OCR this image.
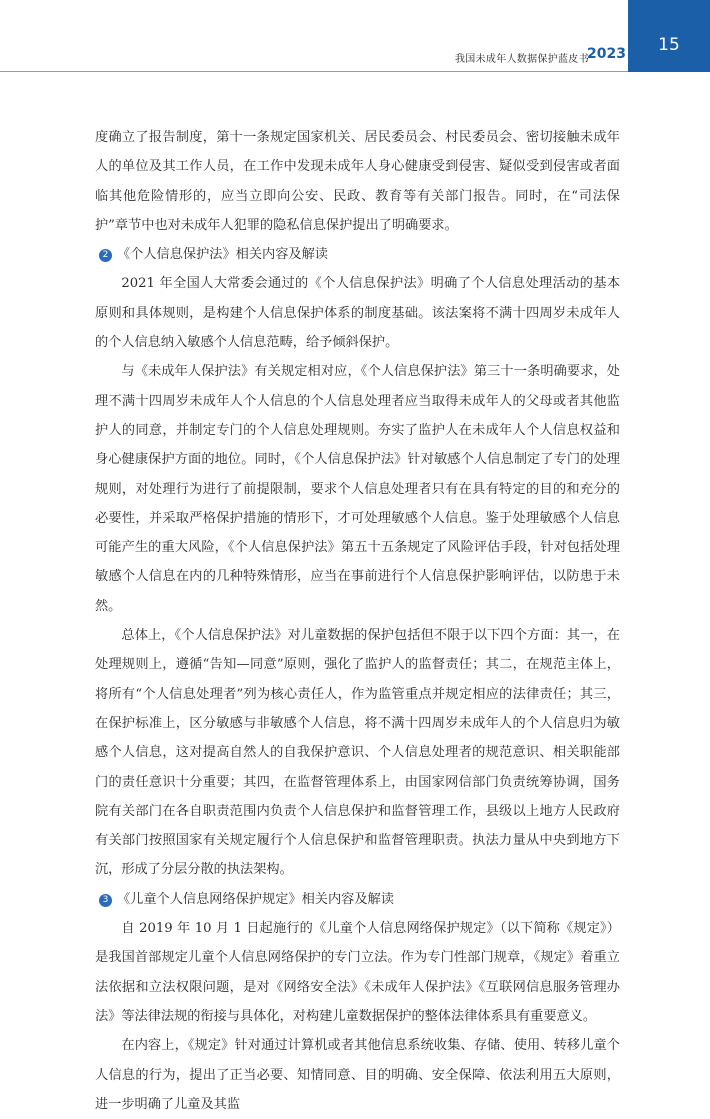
我国未成年人数据保护蓝皮书
2023	15

度确立了报告制度，第十一条规定国家机关、居民委员会、村民委员会、密切接触未成年人的单位及其工作人员，在工作中发现未成年人身心健康受到侵害、疑似受到侵害或者面临其他危险情形的，应当立即向公安、民政、教育等有关部门报告。同时，在“司法保护”章节中也对未成年人犯罪的隐私信息保护提出了明确要求。

2 《个人信息保护法》相关内容及解读

2021 年全国人大常委会通过的《个人信息保护法》明确了个人信息处理活动的基本原则和具体规则，是构建个人信息保护体系的制度基础。该法案将不满十四周岁未成年人的个人信息纳入敏感个人信息范畴，给予倾斜保护。

与《未成年人保护法》有关规定相对应，《个人信息保护法》第三十一条明确要求，处理不满十四周岁未成年人个人信息的个人信息处理者应当取得未成年人的父母或者其他监护人的同意，并制定专门的个人信息处理规则。夯实了监护人在未成年人个人信息权益和身心健康保护方面的地位。同时，《个人信息保护法》针对敏感个人信息制定了专门的处理规则，对处理行为进行了前提限制，要求个人信息处理者只有在具有特定的目的和充分的必要性，并采取严格保护措施的情形下，才可处理敏感个人信息。鉴于处理敏感个人信息可能产生的重大风险，《个人信息保护法》第五十五条规定了风险评估手段，针对包括处理敏感个人信息在内的几种特殊情形，应当在事前进行个人信息保护影响评估，以防患于未然。

总体上，《个人信息保护法》对儿童数据的保护包括但不限于以下四个方面：其一，在处理规则上，遵循“告知—同意”原则，强化了监护人的监督责任；其二，在规范主体上，将所有“个人信息处理者”列为核心责任人，作为监管重点并规定相应的法律责任；其三，在保护标准上，区分敏感与非敏感个人信息，将不满十四周岁未成年人的个人信息归为敏感个人信息，这对提高自然人的自我保护意识、个人信息处理者的规范意识、相关职能部门的责任意识十分重要；其四，在监督管理体系上，由国家网信部门负责统筹协调，国务院有关部门在各自职责范围内负责个人信息保护和监督管理工作，县级以上地方人民政府有关部门按照国家有关规定履行个人信息保护和监督管理职责。执法力量从中央到地方下沉，形成了分层分散的执法架构。

3 《儿童个人信息网络保护规定》相关内容及解读

自 2019 年 10 月 1 日起施行的《儿童个人信息网络保护规定》（以下简称《规定》）是我国首部规定儿童个人信息网络保护的专门立法。作为专门性部门规章，《规定》着重立法依据和立法权限问题，是对《网络安全法》《未成年人保护法》《互联网信息服务管理办法》等法律法规的衔接与具体化，对构建儿童数据保护的整体法律体系具有重要意义。

在内容上，《规定》针对通过计算机或者其他信息系统收集、存储、使用、转移儿童个人信息的行为，提出了正当必要、知情同意、目的明确、安全保障、依法利用五大原则，进一步明确了儿童及其监
